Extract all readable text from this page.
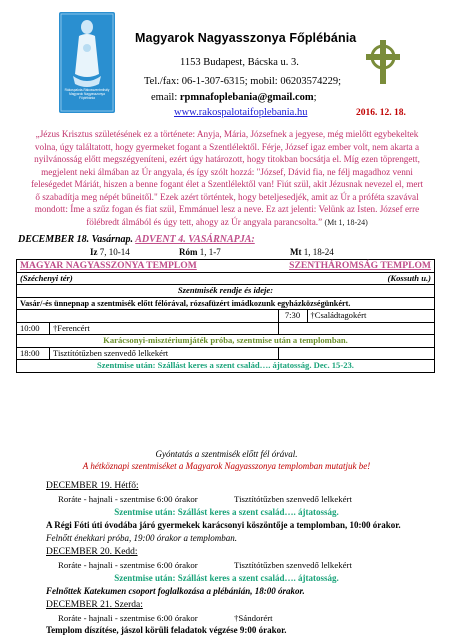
Rákospalota-Rákosszentmihály Magyarok Nagyasszonya Főplébánia
Magyarok Nagyasszonya Főplébánia
1153 Budapest, Bácska u. 3.
Tel./fax: 06-1-307-6315; mobil: 06203574229;
email: rpmnafoplebania@gmail.com;
www.rakospalotaifoplebania.hu	2016. 12. 18.
„Jézus Krisztus születésének ez a története: Anyja, Mária, Józsefnek a jegyese, még mielőtt egybekeltek volna, úgy találtatott, hogy gyermeket fogant a Szentlélektől. Férje, József igaz ember volt, nem akarta a nyilvánosság előtt megszégyeníteni, ezért úgy határozott, hogy titokban bocsátja el. Míg ezen töprengett, megjelent neki álmában az Úr angyala, és így szólt hozzá: "József, Dávid fia, ne félj magadhoz venni feleségedet Máriát, hiszen a benne fogant élet a Szentlélektől van! Fiút szül, akit Jézusnak nevezel el, mert ő szabadítja meg népét bűneitől." Ezek azért történtek, hogy beteljesedjék, amit az Úr a próféta szavával mondott: Íme a szűz fogan és fiat szül, Emmánuel lesz a neve. Ez azt jelenti: Velünk az Isten. József erre fölébredt álmából és úgy tett, ahogy az Úr angyala parancsolta.” (Mt 1, 18-24)
DECEMBER 18. Vasárnap. ADVENT 4. VASÁRNAPJA:
Iz 7, 10-14	Róm 1, 1-7	Mt 1, 18-24
MAGYAR NAGYASSZONYA TEMPLOM		SZENTHÁROMSÁG TEMPLOM	
(Széchenyi tér)		(Kossuth u.)	
Szentmisék rendje és ideje:			
Vasár/-és ünnepnap a szentmisék előtt félórával, rózsafüzért imádkozunk egyházközségünkért.			
		7:30	†Családtagokért
10:00	†Ferencért		
Karácsonyi-misztériumjáték próba, szentmise után a templomban.			
18:00	Tisztítótűzben szenvedő lelkekért		
Szentmise után: Szállást keres a szent család…. ájtatosság. Dec. 15-23.			
Gyóntatás a szentmisék előtt fél órával.
A hétköznapi szentmiséket a Magyarok Nagyasszonya templomban mutatjuk be!
DECEMBER 19. Hétfő:
Roráte - hajnali - szentmise 6:00 órakor	Tisztítótűzben szenvedő lelkekért
Szentmise után: Szállást keres a szent család…. ájtatosság.
A Régi Fóti úti óvodába járó gyermekek karácsonyi köszöntője a templomban, 10:00 órakor.
Felnőtt énekkari próba, 19:00 órakor a templomban.
DECEMBER 20. Kedd:
Roráte - hajnali - szentmise 6:00 órakor	Tisztítótűzben szenvedő lelkekért
Szentmise után: Szállást keres a szent család…. ájtatosság.
Felnőttek Katekumen csoport foglalkozása a plébánián, 18:00 órakor.
DECEMBER 21. Szerda:
Roráte - hajnali - szentmise 6:00 órakor	†Sándorért
Templom díszítése, jászol körüli feladatok végzése 9:00 órakor.
